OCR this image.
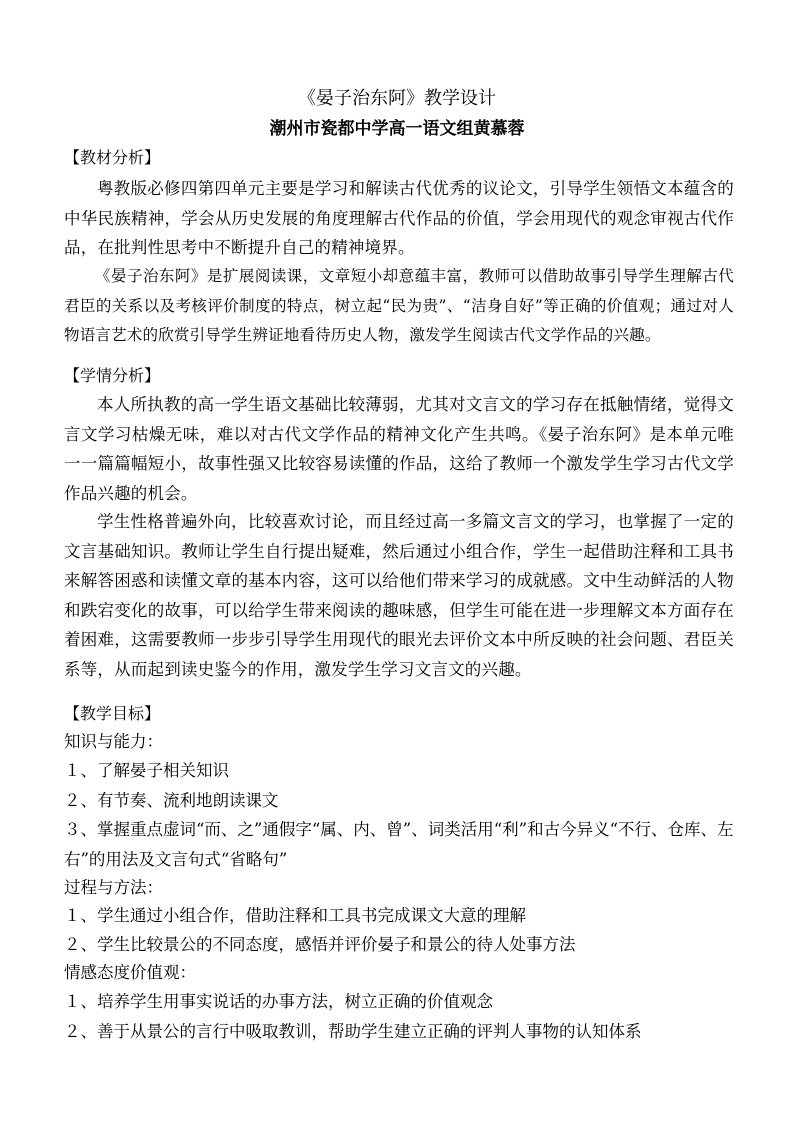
《晏子治东阿》教学设计
潮州市瓷都中学高一语文组黄慕蓉
【教材分析】
粤教版必修四第四单元主要是学习和解读古代优秀的议论文，引导学生领悟文本蕴含的中华民族精神，学会从历史发展的角度理解古代作品的价值，学会用现代的观念审视古代作品，在批判性思考中不断提升自己的精神境界。
《晏子治东阿》是扩展阅读课，文章短小却意蕴丰富，教师可以借助故事引导学生理解古代君臣的关系以及考核评价制度的特点，树立起“民为贵”、“洁身自好”等正确的价值观；通过对人物语言艺术的欣赏引导学生辨证地看待历史人物，激发学生阅读古代文学作品的兴趣。
【学情分析】
本人所执教的高一学生语文基础比较薄弱，尤其对文言文的学习存在抵触情绪，觉得文言文学习枯燥无味，难以对古代文学作品的精神文化产生共鸣。《晏子治东阿》是本单元唯一一篇篇幅短小，故事性强又比较容易读懂的作品，这给了教师一个激发学生学习古代文学作品兴趣的机会。
学生性格普遍外向，比较喜欢讨论，而且经过高一多篇文言文的学习，也掌握了一定的文言基础知识。教师让学生自行提出疑难，然后通过小组合作，学生一起借助注释和工具书来解答困惑和读懂文章的基本内容，这可以给他们带来学习的成就感。文中生动鲜活的人物和跌宕变化的故事，可以给学生带来阅读的趣味感，但学生可能在进一步理解文本方面存在着困难，这需要教师一步步引导学生用现代的眼光去评价文本中所反映的社会问题、君臣关系等，从而起到读史鉴今的作用，激发学生学习文言文的兴趣。
【教学目标】
知识与能力：
１、了解晏子相关知识
２、有节奏、流利地朗读课文
３、掌握重点虚词“而、之”通假字“属、内、曾”、词类活用“利”和古今异义“不行、仓库、左右”的用法及文言句式“省略句”
过程与方法：
１、学生通过小组合作，借助注释和工具书完成课文大意的理解
２、学生比较景公的不同态度，感悟并评价晏子和景公的待人处事方法
情感态度价值观：
１、培养学生用事实说话的办事方法，树立正确的价值观念
２、善于从景公的言行中吸取教训，帮助学生建立正确的评判人事物的认知体系
